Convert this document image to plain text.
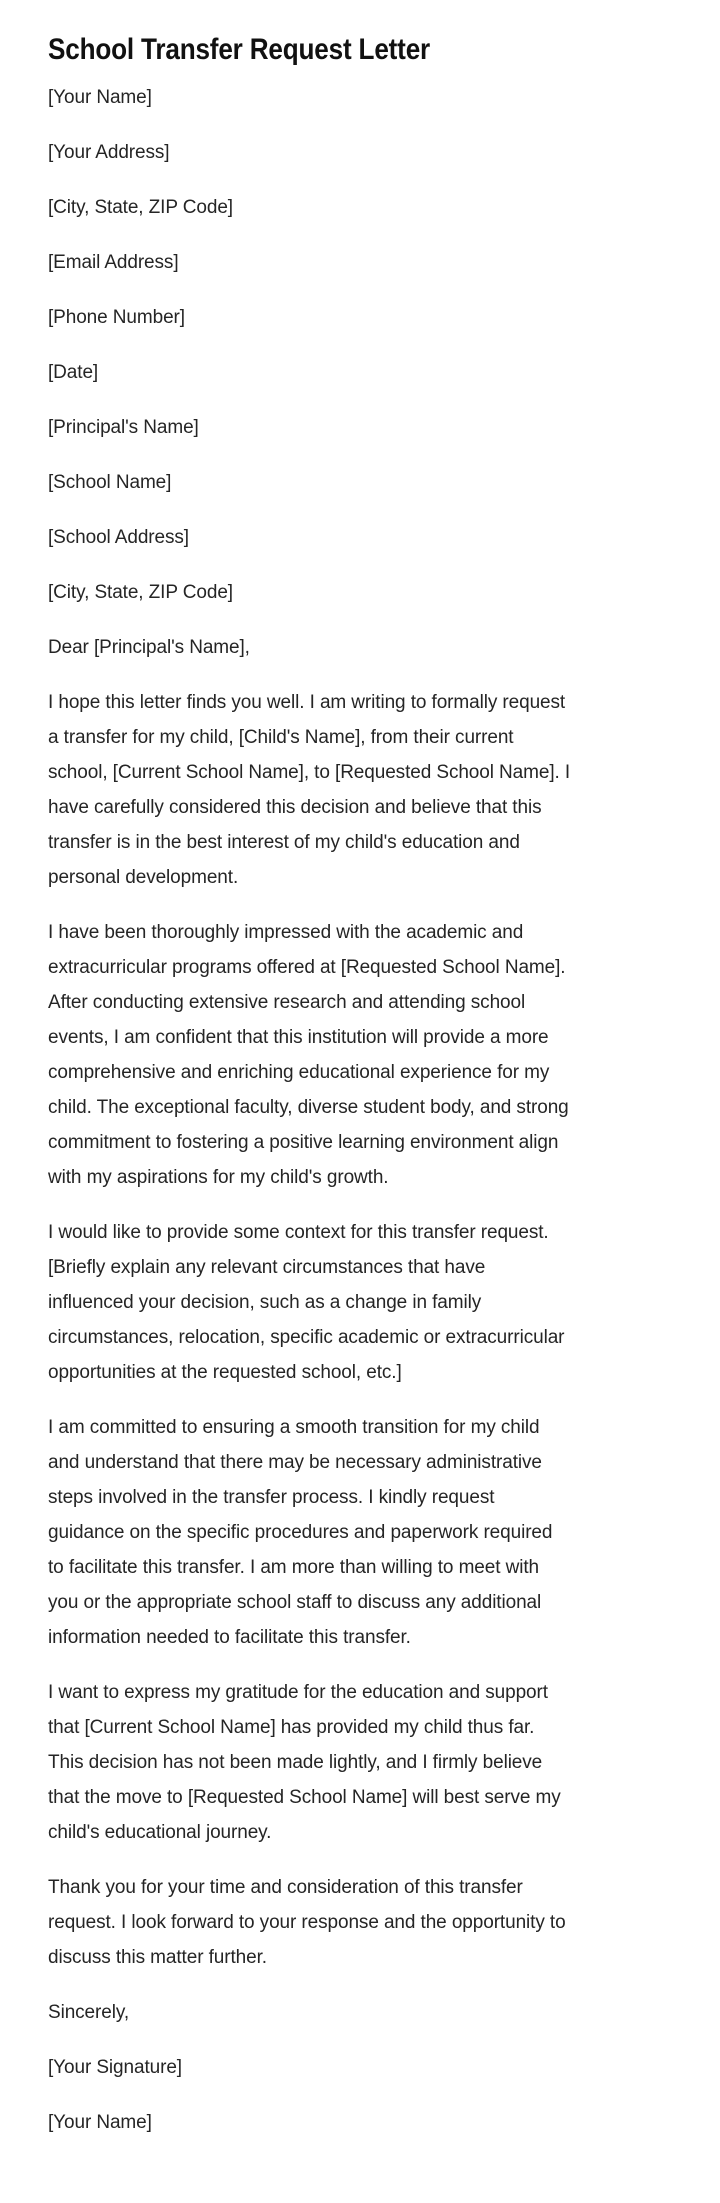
School Transfer Request Letter

[Your Name]

[Your Address]

[City, State, ZIP Code]

[Email Address]

[Phone Number]

[Date]

[Principal's Name]

[School Name]

[School Address]

[City, State, ZIP Code]

Dear [Principal's Name],

I hope this letter finds you well. I am writing to formally request
a transfer for my child, [Child's Name], from their current
school, [Current School Name], to [Requested School Name]. I
have carefully considered this decision and believe that this
transfer is in the best interest of my child's education and
personal development.

I have been thoroughly impressed with the academic and
extracurricular programs offered at [Requested School Name].
After conducting extensive research and attending school
events, I am confident that this institution will provide a more
comprehensive and enriching educational experience for my
child. The exceptional faculty, diverse student body, and strong
commitment to fostering a positive learning environment align
with my aspirations for my child's growth.

I would like to provide some context for this transfer request.
[Briefly explain any relevant circumstances that have
influenced your decision, such as a change in family
circumstances, relocation, specific academic or extracurricular
opportunities at the requested school, etc.]

I am committed to ensuring a smooth transition for my child
and understand that there may be necessary administrative
steps involved in the transfer process. I kindly request
guidance on the specific procedures and paperwork required
to facilitate this transfer. I am more than willing to meet with
you or the appropriate school staff to discuss any additional
information needed to facilitate this transfer.

I want to express my gratitude for the education and support
that [Current School Name] has provided my child thus far.
This decision has not been made lightly, and I firmly believe
that the move to [Requested School Name] will best serve my
child's educational journey.

Thank you for your time and consideration of this transfer
request. I look forward to your response and the opportunity to
discuss this matter further.

Sincerely,

[Your Signature]

[Your Name]
